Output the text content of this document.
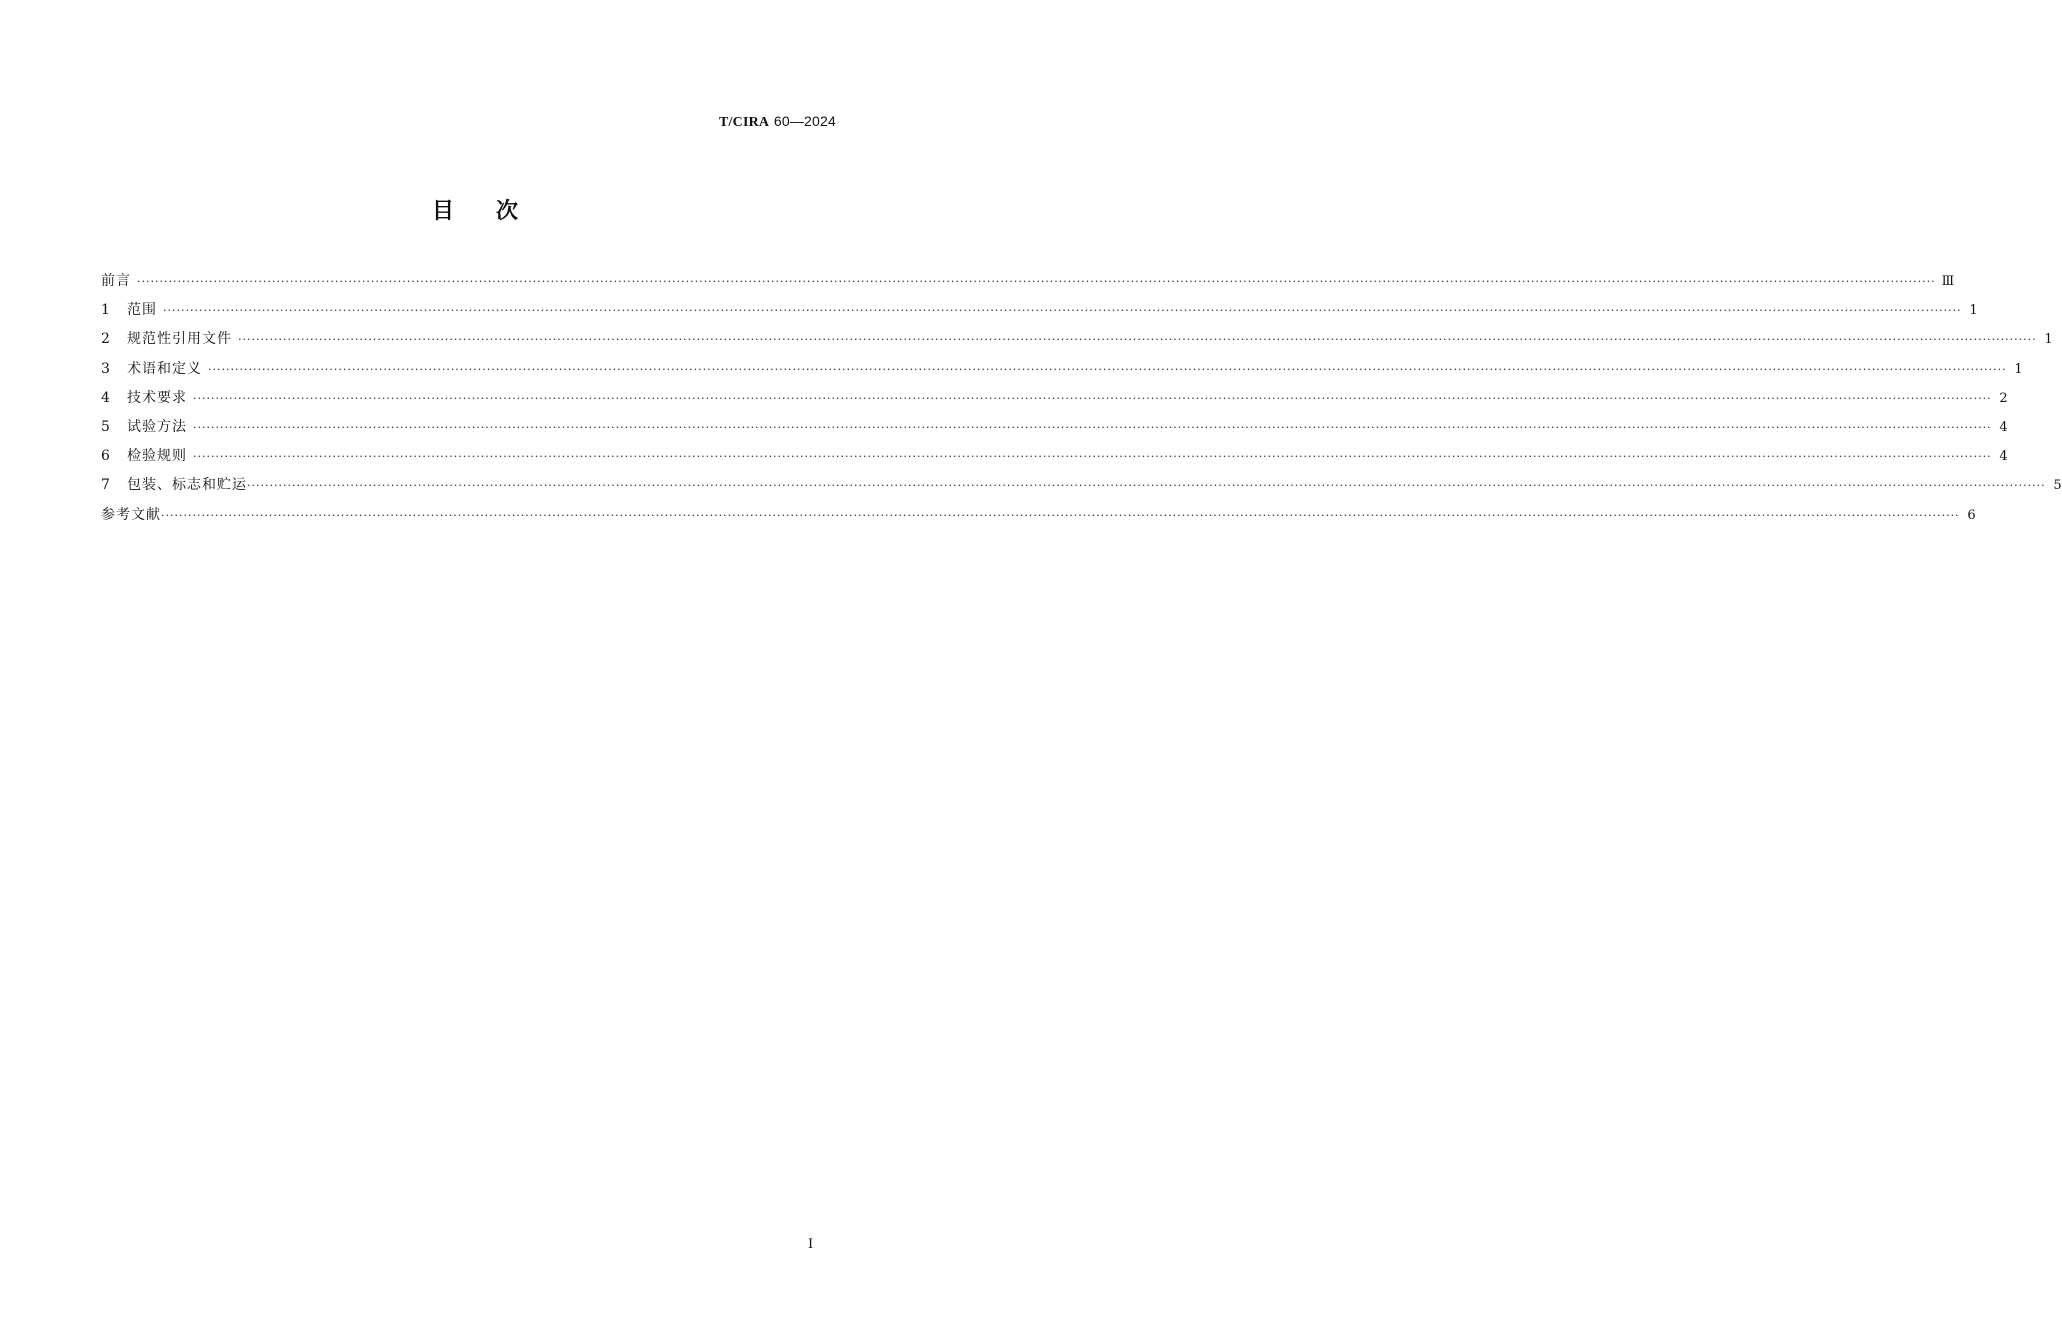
T/CIRA 60—2024
目次
前言 ················································································································································································································································································································································································································ Ⅲ
1	范围 ················································································································································································································································································································································································································ 1
2	规范性引用文件 ················································································································································································································································································································································································································ 1
3	术语和定义 ················································································································································································································································································································································································································ 1
4	技术要求 ················································································································································································································································································································································································································ 2
5	试验方法 ················································································································································································································································································································································································································ 4
6	检验规则 ················································································································································································································································································································································································································ 4
7	包装、标志和贮运 ················································································································································································································································································································································································································ 5
参考文献 ················································································································································································································································································································································································································ 6
I
